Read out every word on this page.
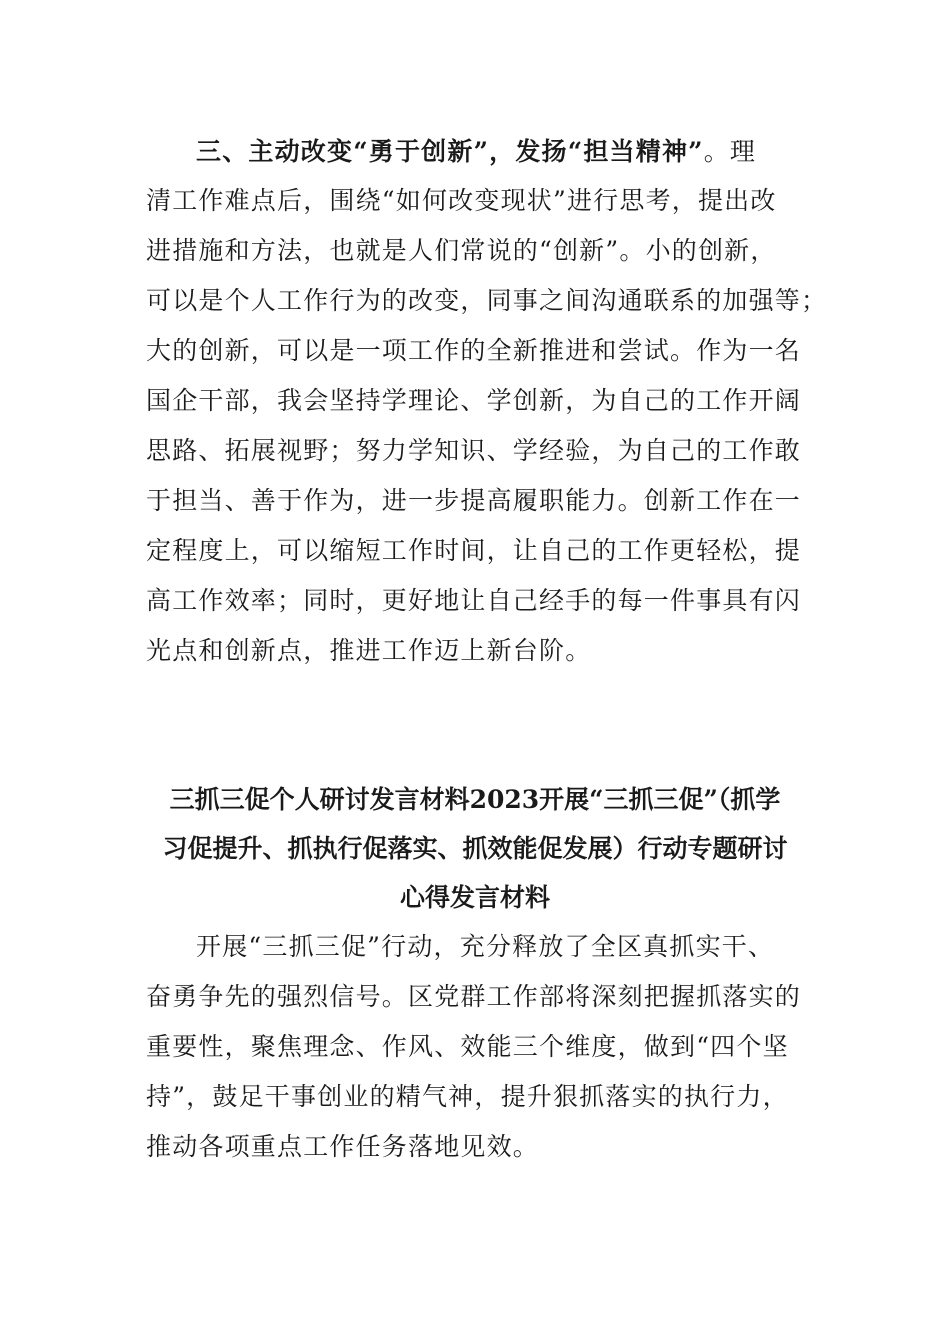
三、主动改变“勇于创新”，发扬“担当精神”。理
清工作难点后，围绕“如何改变现状”进行思考，提出改
进措施和方法，也就是人们常说的“创新”。小的创新，
可以是个人工作行为的改变，同事之间沟通联系的加强等；
大的创新，可以是一项工作的全新推进和尝试。作为一名
国企干部，我会坚持学理论、学创新，为自己的工作开阔
思路、拓展视野；努力学知识、学经验，为自己的工作敢
于担当、善于作为，进一步提高履职能力。创新工作在一
定程度上，可以缩短工作时间，让自己的工作更轻松，提
高工作效率；同时，更好地让自己经手的每一件事具有闪
光点和创新点，推进工作迈上新台阶。
三抓三促个人研讨发言材料2023开展“三抓三促”（抓学
习促提升、抓执行促落实、抓效能促发展）行动专题研讨
心得发言材料
开展“三抓三促”行动，充分释放了全区真抓实干、
奋勇争先的强烈信号。区党群工作部将深刻把握抓落实的
重要性，聚焦理念、作风、效能三个维度，做到“四个坚
持”，鼓足干事创业的精气神，提升狠抓落实的执行力，
推动各项重点工作任务落地见效。
